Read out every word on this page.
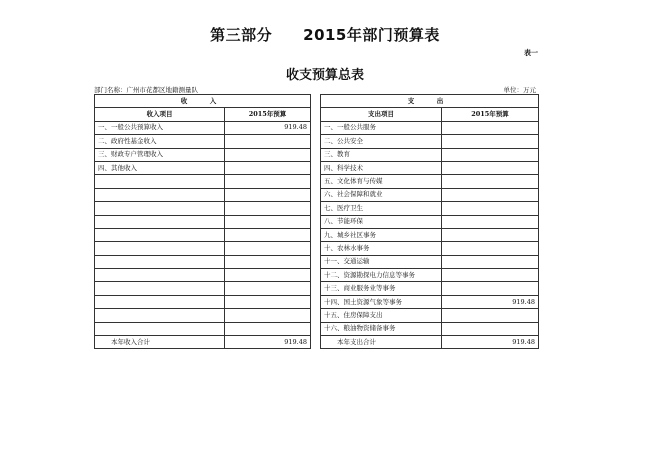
第三部分　　2015年部门预算表
表一
收支预算总表
部门名称：广州市花都区地籍测量队	单位：万元
收　入			支　出	
收入项目	2015年预算		支出项目	2015年预算
一、一般公共预算收入	919.48		一、一般公共服务	
二、政府性基金收入			二、公共安全	
三、财政专户管理收入			三、教育	
四、其他收入			四、科学技术	
			五、文化体育与传媒	
			六、社会保障和就业	
			七、医疗卫生	
			八、节能环保	
			九、城乡社区事务	
			十、农林水事务	
			十一、交通运输	
			十二、资源勘探电力信息等事务	
			十三、商业服务业等事务	
			十四、国土资源气象等事务	919.48
			十五、住房保障支出	
			十六、粮油物资储备事务	
本年收入合计	919.48		本年支出合计	919.48
